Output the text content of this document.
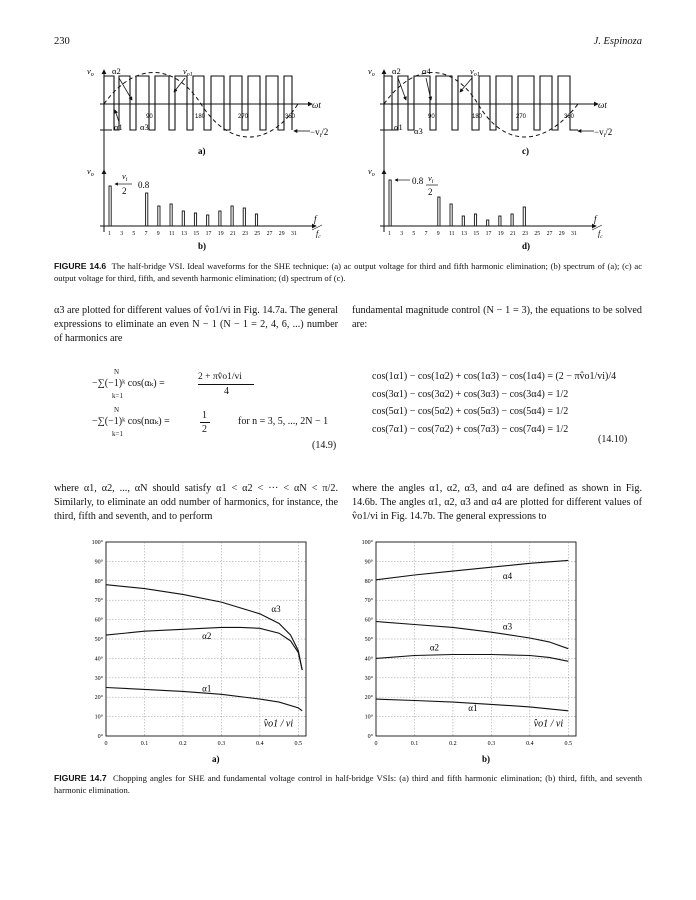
230	J. Espinoza
$v_o$ α2	$v_{o1}$
α1 α3
90	180	270	360
ωt
$-v_i/2$
a)
$v_o$ α2	α4	$v_{o1}$
α1 α3
90	180	270	360
ωt
$-v_i/2$
c)
$v_o$	$v_i$
2
0.8
f
$f_c$
1 3 5 7 9 11 13 15 17 19 21 23 25 27 29 31
b)
$v_o$
0.8 $v_i$
2
f
$f_c$
1 3 5 7 9 11 13 15 17 19 21 23 25 27 29 31
d)
FIGURE 14.6 The half-bridge VSI. Ideal waveforms for the SHE technique: (a) ac output voltage for third and fifth harmonic elimination; (b) spectrum of (a); (c) ac output voltage for third, fifth, and seventh harmonic elimination; (d) spectrum of (c).
α3 are plotted for different values of v̂o1/vi in Fig. 14.7a. The general expressions to eliminate an even N − 1 (N − 1 = 2, 4, 6, ...) number of harmonics are
fundamental magnitude control (N − 1 = 3), the equations to be solved are:
N
−∑(−1)ᵏ cos(αₖ) =
k=1
2 + πv̂o1/vi
4
N
−∑(−1)ᵏ cos(nαₖ) =
k=1
1
2
for n = 3, 5, ..., 2N − 1
(14.9)
cos(1α1) − cos(1α2) + cos(1α3) − cos(1α4) = (2 − πv̂o1/vi)/4
cos(3α1) − cos(3α2) + cos(3α3) − cos(3α4) = 1/2
cos(5α1) − cos(5α2) + cos(5α3) − cos(5α4) = 1/2
cos(7α1) − cos(7α2) + cos(7α3) − cos(7α4) = 1/2
(14.10)
where α1, α2, ..., αN should satisfy α1 < α2 < ··· < αN < π/2. Similarly, to eliminate an odd number of harmonics, for instance, the third, fifth and seventh, and to perform
where the angles α1, α2, α3, and α4 are defined as shown in Fig. 14.6b. The angles α1, α2, α3 and α4 are plotted for different values of v̂o1/vi in Fig. 14.7b. The general expressions to
0°
10°
20°
30°
40°
50°
60°
70°
80°
90°
100°
0	0.1	0.2	0.3	0.4	0.5
α3
α2
α1
v̂o1 / vi
0°
10°
20°
30°
40°
50°
60°
70°
80°
90°
100°
0	0.1	0.2	0.3	0.4	0.5
α4
α3
α2
α1
v̂o1 / vi
a)	b)
FIGURE 14.7 Chopping angles for SHE and fundamental voltage control in half-bridge VSIs: (a) third and fifth harmonic elimination; (b) third, fifth, and seventh harmonic elimination.
